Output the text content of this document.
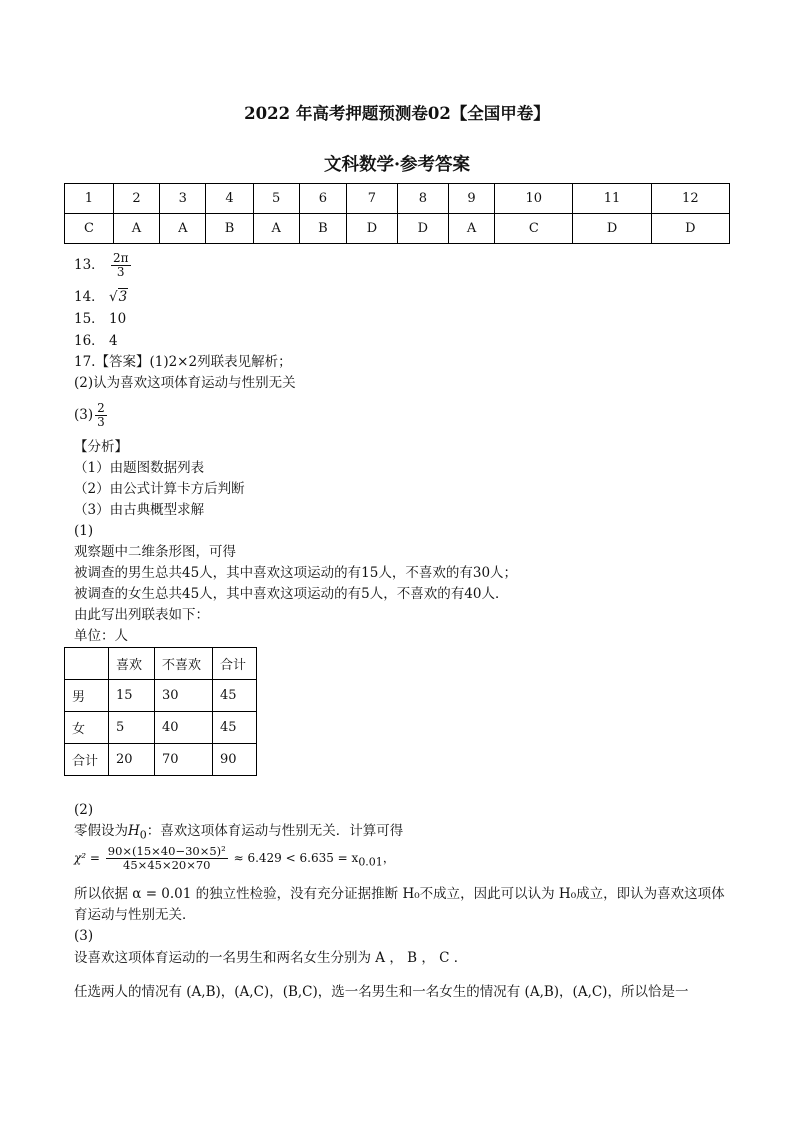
2022 年高考押题预测卷02【全国甲卷】
文科数学·参考答案
1	2	3	4	5	6	7	8	9	10	11	12
C	A	A	B	A	B	D	D	A	C	D	D
13． $\frac{2\pi}{3}$
14． √3
15． 10
16． 4
17.【答案】(1)2×2列联表见解析；
(2)认为喜欢这项体育运动与性别无关
$(3) \frac{2}{3}$
【分析】
（1）由题图数据列表
（2）由公式计算卡方后判断
（3）由古典概型求解
(1)
观察题中二维条形图，可得
被调查的男生总共45人，其中喜欢这项运动的有15人，不喜欢的有30人；
被调查的女生总共45人，其中喜欢这项运动的有5人，不喜欢的有40人．
由此写出列联表如下：
单位：人
	喜欢	不喜欢	合计
男	15	30	45
女	5	40	45
合计	20	70	90
(2)
零假设为$H_0$：喜欢这项体育运动与性别无关．计算可得
$\chi^2 = \frac{\text{90×(15×40−30×5)²}}{45\times 45\times 20\times 70} \approx 6.429 < 6.635 = x_{0.01}$，
所以依据 α = 0.01 的独立性检验，没有充分证据推断 H₀不成立，因此可以认为 H₀成立，即认为喜欢这项体
育运动与性别无关．
(3)
设喜欢这项体育运动的一名男生和两名女生分别为 A ， B ， C ．
任选两人的情况有 (A,B)，(A,C)，(B,C)，选一名男生和一名女生的情况有 (A,B)，(A,C)，所以恰是一
